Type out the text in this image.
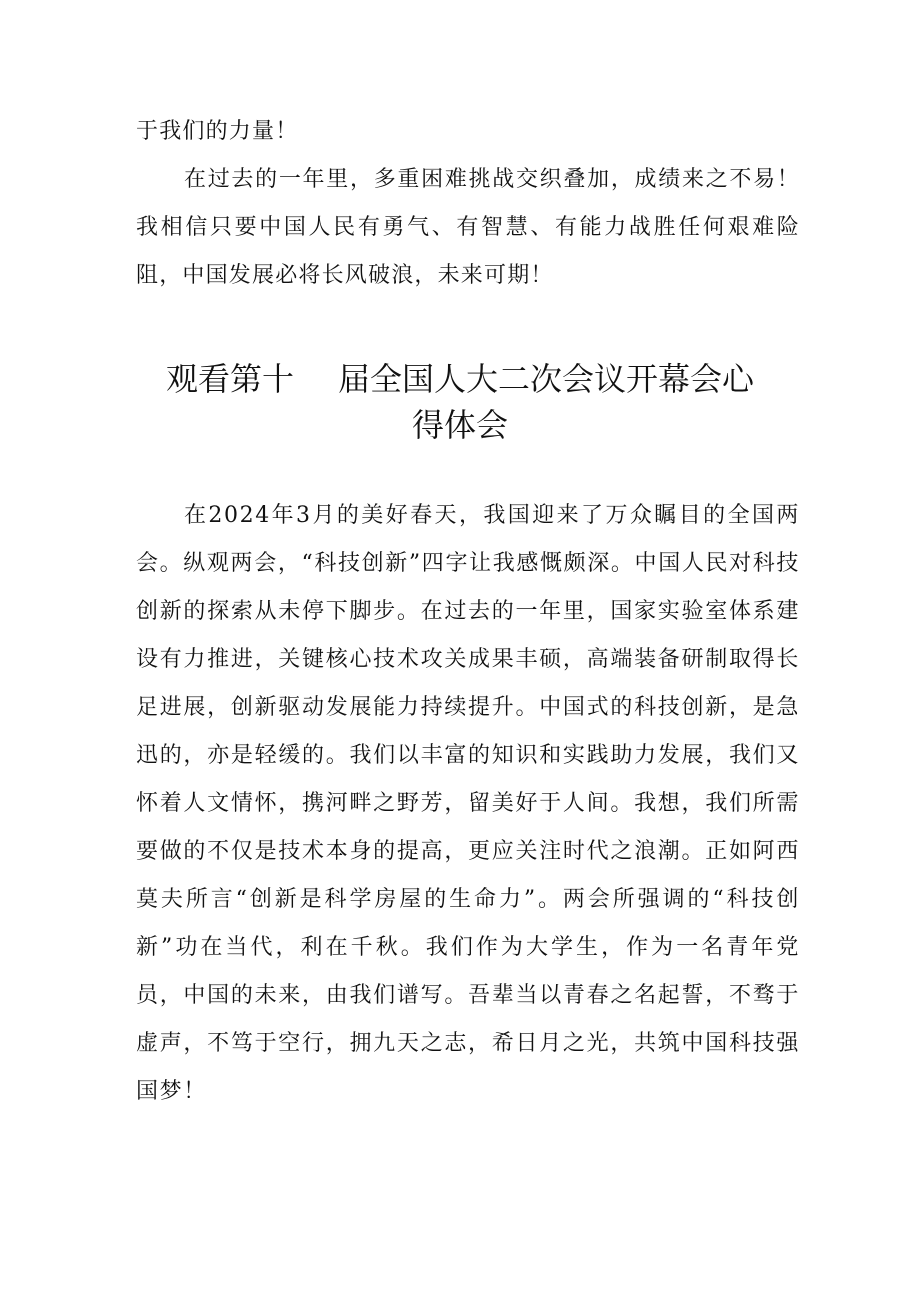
于我们的力量！

在过去的一年里，多重困难挑战交织叠加，成绩来之不易！我相信只要中国人民有勇气、有智慧、有能力战胜任何艰难险阻，中国发展必将长风破浪，未来可期！

观看第十 届全国人大二次会议开幕会心
得体会

在2024年3月的美好春天，我国迎来了万众瞩目的全国两会。纵观两会，“科技创新”四字让我感慨颇深。中国人民对科技创新的探索从未停下脚步。在过去的一年里，国家实验室体系建设有力推进，关键核心技术攻关成果丰硕，高端装备研制取得长足进展，创新驱动发展能力持续提升。中国式的科技创新，是急迅的，亦是轻缓的。我们以丰富的知识和实践助力发展，我们又怀着人文情怀，携河畔之野芳，留美好于人间。我想，我们所需要做的不仅是技术本身的提高，更应关注时代之浪潮。正如阿西莫夫所言“创新是科学房屋的生命力”。两会所强调的“科技创新”功在当代，利在千秋。我们作为大学生，作为一名青年党员，中国的未来，由我们谱写。吾辈当以青春之名起誓，不骛于虚声，不笃于空行，拥九天之志，希日月之光，共筑中国科技强国梦！
